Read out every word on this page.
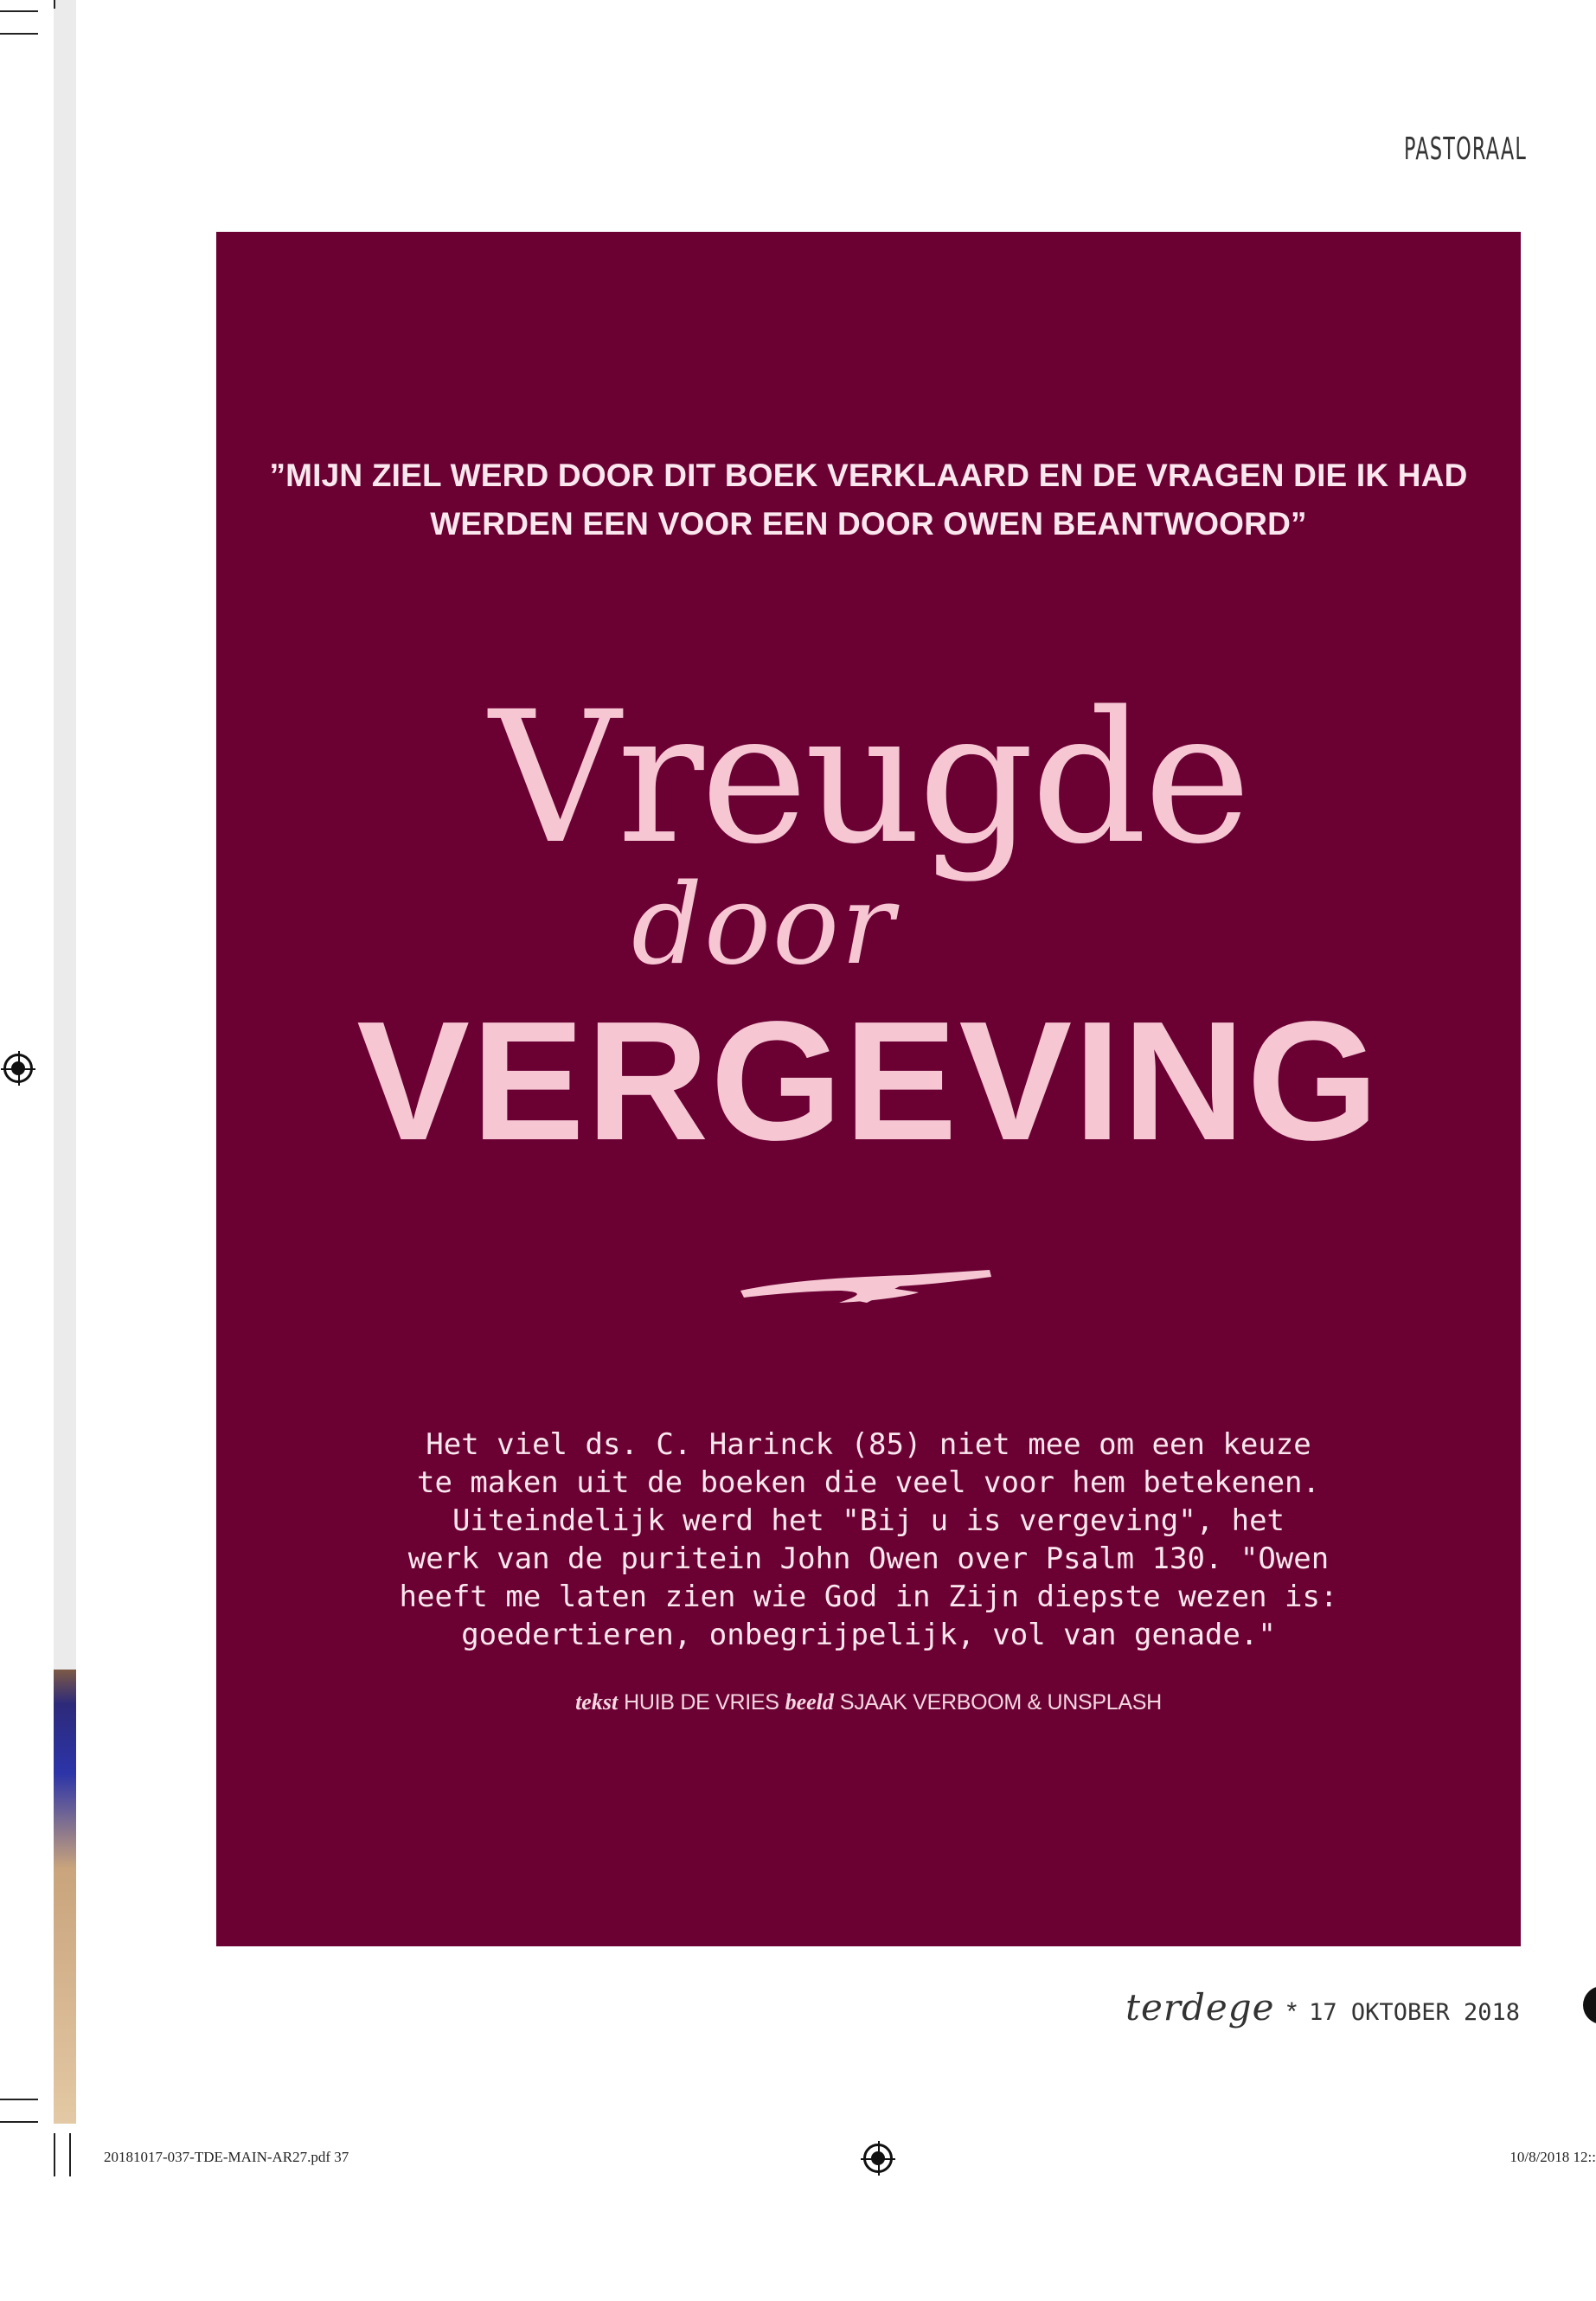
PASTORAAL
”MIJN ZIEL WERD DOOR DIT BOEK VERKLAARD EN DE VRAGEN DIE IK HAD
WERDEN EEN VOOR EEN DOOR OWEN BEANTWOORD”
Vreugde
door
VERGEVING
Het viel ds. C. Harinck (85) niet mee om een keuze
te maken uit de boeken die veel voor hem betekenen.
Uiteindelijk werd het "Bij u is vergeving", het
werk van de puritein John Owen over Psalm 130. "Owen
heeft me laten zien wie God in Zijn diepste wezen is:
goedertieren, onbegrijpelijk, vol van genade."
tekst HUIB DE VRIES beeld SJAAK VERBOOM & UNSPLASH
terdege * 17 OKTOBER 2018
20181017-037-TDE-MAIN-AR27.pdf 37	10/8/2018 12::
